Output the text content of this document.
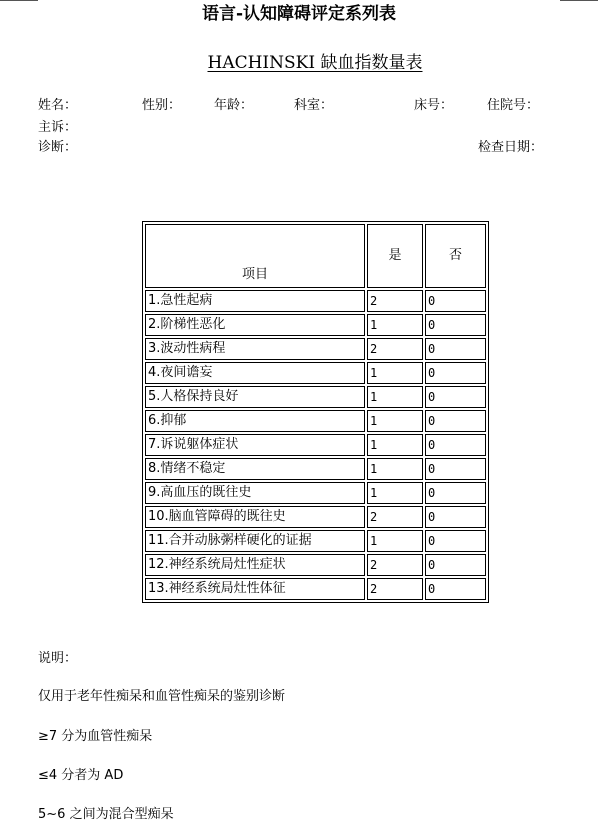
语言-认知障碍评定系列表
HACHINSKI 缺血指数量表
姓名：	性别：	年龄：	科室：	床号：	住院号：
主诉：
诊断：	检查日期：
项目	是	否
1.急性起病	2	0
2.阶梯性恶化	1	0
3.波动性病程	2	0
4.夜间谵妄	1	0
5.人格保持良好	1	0
6.抑郁	1	0
7.诉说躯体症状	1	0
8.情绪不稳定	1	0
9.高血压的既往史	1	0
10.脑血管障碍的既往史	2	0
11.合并动脉粥样硬化的证据	1	0
12.神经系统局灶性症状	2	0
13.神经系统局灶性体征	2	0
说明：
仅用于老年性痴呆和血管性痴呆的鉴别诊断
≥7 分为血管性痴呆
≤4 分者为 AD
5~6 之间为混合型痴呆
